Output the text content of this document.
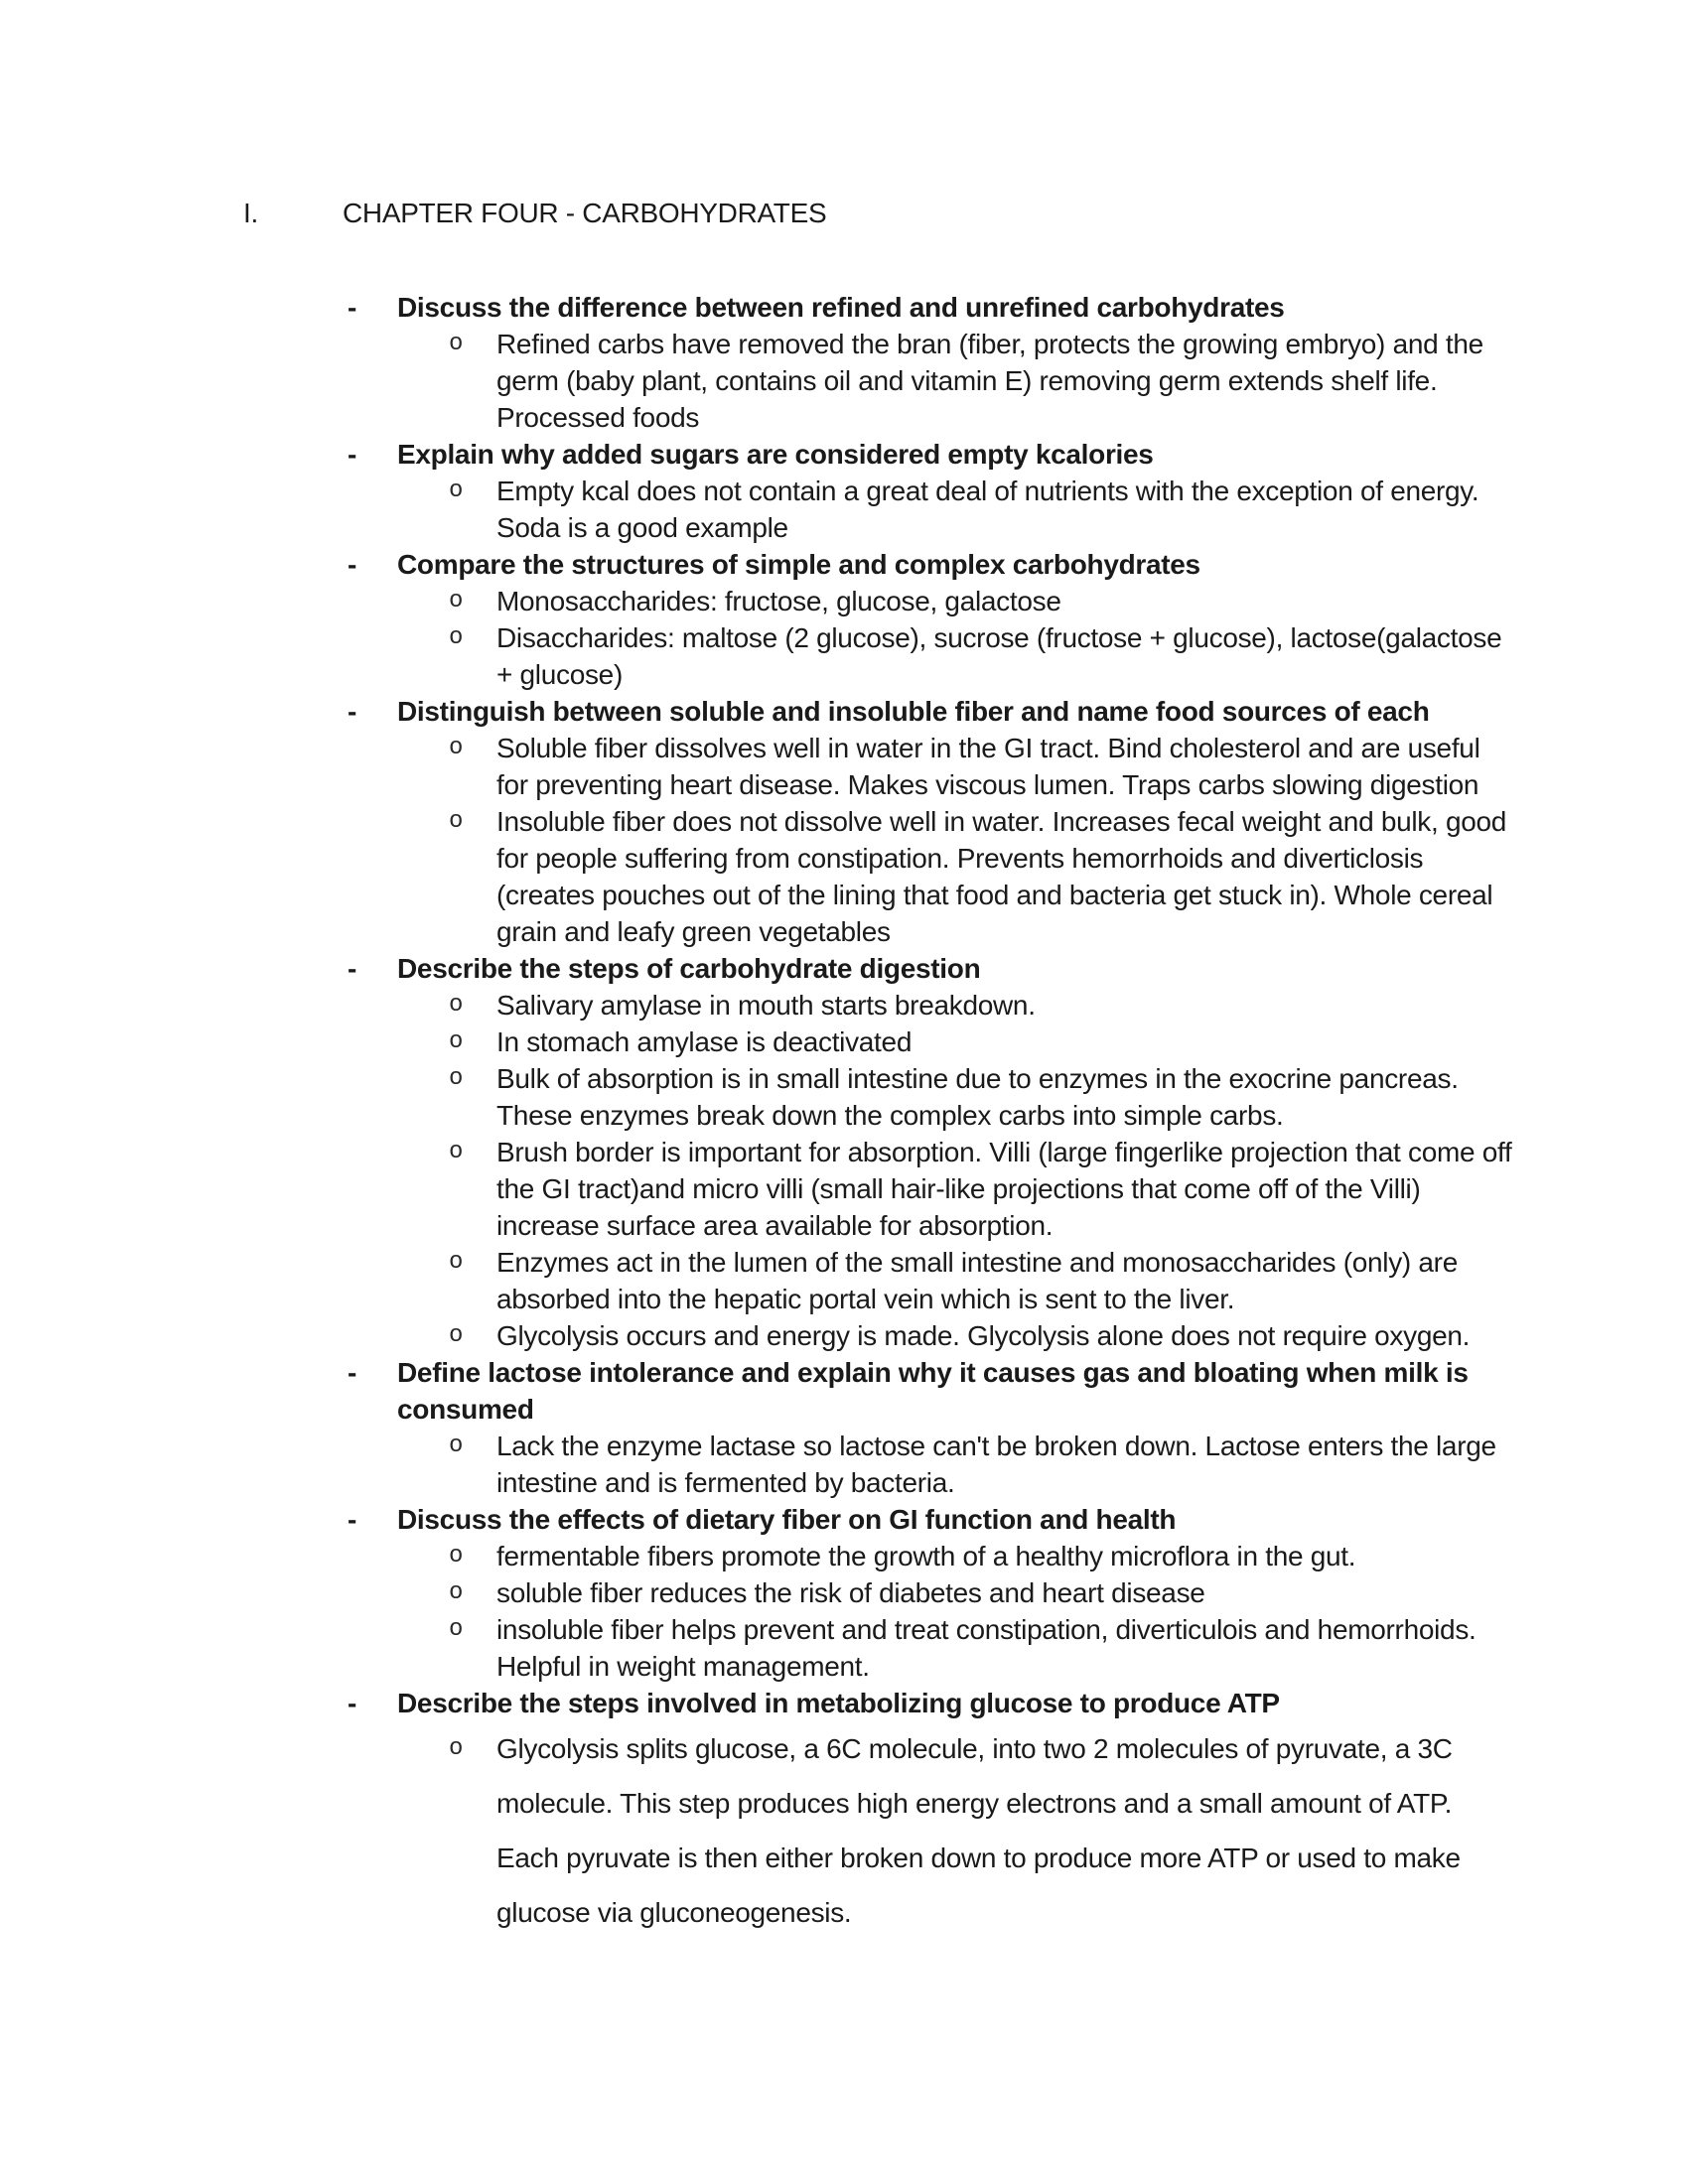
I.	CHAPTER FOUR - CARBOHYDRATES
-	Discuss the difference between refined and unrefined carbohydrates
o	Refined carbs have removed the bran (fiber, protects the growing embryo) and the germ (baby plant, contains oil and vitamin E) removing germ extends shelf life. Processed foods
-	Explain why added sugars are considered empty kcalories
o	Empty kcal does not contain a great deal of nutrients with the exception of energy. Soda is a good example
-	Compare the structures of simple and complex carbohydrates
o	Monosaccharides: fructose, glucose, galactose
o	Disaccharides: maltose (2 glucose), sucrose (fructose + glucose), lactose(galactose + glucose)
-	Distinguish between soluble and insoluble fiber and name food sources of each
o	Soluble fiber dissolves well in water in the GI tract. Bind cholesterol and are useful for preventing heart disease. Makes viscous lumen. Traps carbs slowing digestion
o	Insoluble fiber does not dissolve well in water. Increases fecal weight and bulk, good for people suffering from constipation. Prevents hemorrhoids and diverticlosis (creates pouches out of the lining that food and bacteria get stuck in). Whole cereal grain and leafy green vegetables
-	Describe the steps of carbohydrate digestion
o	Salivary amylase in mouth starts breakdown.
o	In stomach amylase is deactivated
o	Bulk of absorption is in small intestine due to enzymes in the exocrine pancreas. These enzymes break down the complex carbs into simple carbs.
o	Brush border is important for absorption. Villi (large fingerlike projection that come off the GI tract)and micro villi (small hair-like projections that come off of the Villi) increase surface area available for absorption.
o	Enzymes act in the lumen of the small intestine and monosaccharides (only) are absorbed into the hepatic portal vein which is sent to the liver.
o	Glycolysis occurs and energy is made. Glycolysis alone does not require oxygen.
-	Define lactose intolerance and explain why it causes gas and bloating when milk is consumed
o	Lack the enzyme lactase so lactose can't be broken down. Lactose enters the large intestine and is fermented by bacteria.
-	Discuss the effects of dietary fiber on GI function and health
o	fermentable fibers promote the growth of a healthy microflora in the gut.
o	soluble fiber reduces the risk of diabetes and heart disease
o	insoluble fiber helps prevent and treat constipation, diverticulois and hemorrhoids. Helpful in weight management.
-	Describe the steps involved in metabolizing glucose to produce ATP
o	Glycolysis splits glucose, a 6C molecule, into two 2 molecules of pyruvate, a 3C molecule. This step produces high energy electrons and a small amount of ATP. Each pyruvate is then either broken down to produce more ATP or used to make glucose via gluconeogenesis.
